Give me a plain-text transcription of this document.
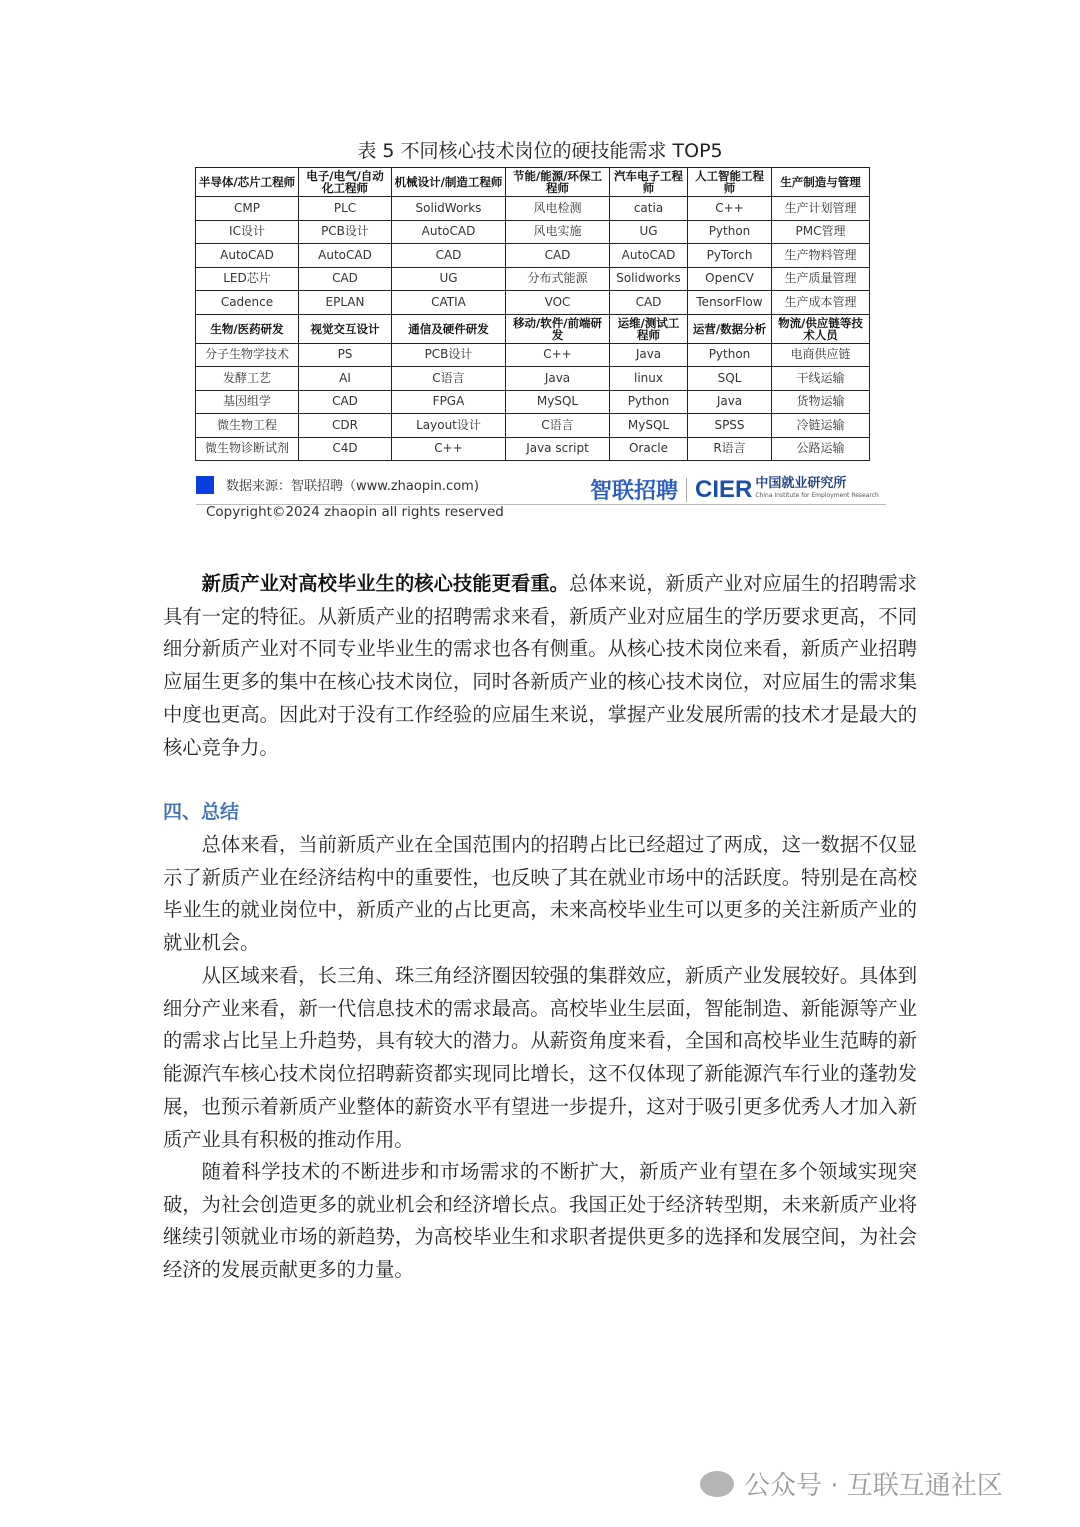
表 5 不同核心技术岗位的硬技能需求 TOP5
半导体/芯片工程师	电子/电气/自动化工程师	机械设计/制造工程师	节能/能源/环保工程师	汽车电子工程师	人工智能工程师	生产制造与管理
CMP	PLC	SolidWorks	风电检测	catia	C++	生产计划管理
IC设计	PCB设计	AutoCAD	风电实施	UG	Python	PMC管理
AutoCAD	AutoCAD	CAD	CAD	AutoCAD	PyTorch	生产物料管理
LED芯片	CAD	UG	分布式能源	Solidworks	OpenCV	生产质量管理
Cadence	EPLAN	CATIA	VOC	CAD	TensorFlow	生产成本管理
生物/医药研发	视觉交互设计	通信及硬件研发	移动/软件/前端研发	运维/测试工程师	运营/数据分析	物流/供应链等技术人员
分子生物学技术	PS	PCB设计	C++	Java	Python	电商供应链
发酵工艺	AI	C语言	Java	linux	SQL	干线运输
基因组学	CAD	FPGA	MySQL	Python	Java	货物运输
微生物工程	CDR	Layout设计	C语言	MySQL	SPSS	冷链运输
微生物诊断试剂	C4D	C++	Java script	Oracle	R语言	公路运输
数据来源：智联招聘（www.zhaopin.com)	智联招聘 CIER 中国就业研究所
China Institute for Employment Research
Copyright©2024 zhaopin all rights reserved

新质产业对高校毕业生的核心技能更看重。总体来说，新质产业对应届生的招聘需求具有一定的特征。从新质产业的招聘需求来看，新质产业对应届生的学历要求更高，不同细分新质产业对不同专业毕业生的需求也各有侧重。从核心技术岗位来看，新质产业招聘应届生更多的集中在核心技术岗位，同时各新质产业的核心技术岗位，对应届生的需求集中度也更高。因此对于没有工作经验的应届生来说，掌握产业发展所需的技术才是最大的核心竞争力。

四、总结

总体来看，当前新质产业在全国范围内的招聘占比已经超过了两成，这一数据不仅显示了新质产业在经济结构中的重要性，也反映了其在就业市场中的活跃度。特别是在高校毕业生的就业岗位中，新质产业的占比更高，未来高校毕业生可以更多的关注新质产业的就业机会。

从区域来看，长三角、珠三角经济圈因较强的集群效应，新质产业发展较好。具体到细分产业来看，新一代信息技术的需求最高。高校毕业生层面，智能制造、新能源等产业的需求占比呈上升趋势，具有较大的潜力。从薪资角度来看，全国和高校毕业生范畴的新能源汽车核心技术岗位招聘薪资都实现同比增长，这不仅体现了新能源汽车行业的蓬勃发展，也预示着新质产业整体的薪资水平有望进一步提升，这对于吸引更多优秀人才加入新质产业具有积极的推动作用。

随着科学技术的不断进步和市场需求的不断扩大，新质产业有望在多个领域实现突破，为社会创造更多的就业机会和经济增长点。我国正处于经济转型期，未来新质产业将继续引领就业市场的新趋势，为高校毕业生和求职者提供更多的选择和发展空间，为社会经济的发展贡献更多的力量。

公众号 · 互联互通社区
